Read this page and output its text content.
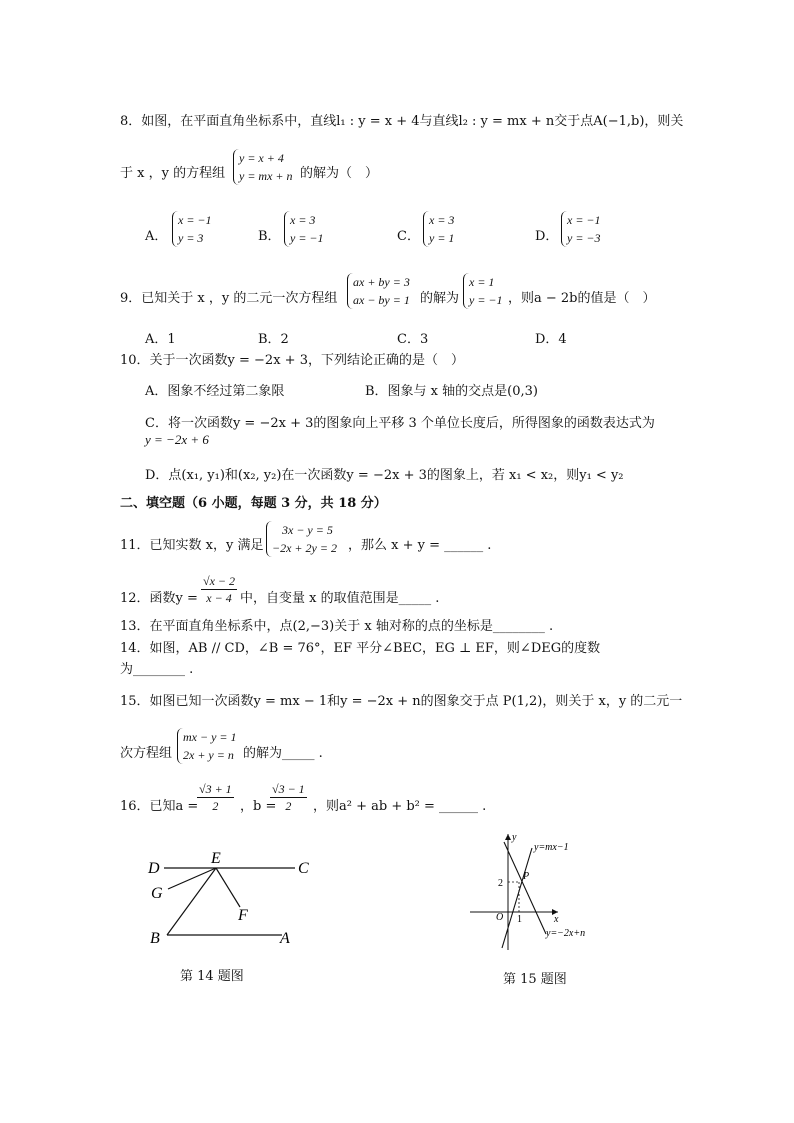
8．如图，在平面直角坐标系中，直线l₁ : y = x + 4与直线l₂ : y = mx + n交于点A(−1,b)，则关
于 x ，y 的方程组
y = x + 4
y = mx + n 的解为（　）
A．
x = −1
y = 3	B．
x = 3
y = −1	C．
x = 3
y = 1	D．
x = −1
y = −3
9．已知关于 x ，y 的二元一次方程组
ax + by = 3
ax − by = 1 的解为
x = 1
y = −1 ，则a − 2b的值是（　）
A．1	B．2	C．3	D．4
10．关于一次函数y = −2x + 3，下列结论正确的是（　）
A．图象不经过第二象限	B．图象与 x 轴的交点是(0,3)
C．将一次函数y = −2x + 3的图象向上平移 3 个单位长度后，所得图象的函数表达式为
y = −2x + 6
D．点(x₁, y₁)和(x₂, y₂)在一次函数y = −2x + 3的图象上，若 x₁ < x₂，则y₁ < y₂
二、填空题（6 小题，每题 3 分，共 18 分）
11．已知实数 x，y 满足
3x − y = 5
−2x + 2y = 2 ，那么 x + y = ______ .
12．函数$y = \frac{√x - 2}{x - 4}$ 中，自变量 x 的取值范围是_____ .
13．在平面直角坐标系中，点(2,−3)关于 x 轴对称的点的坐标是________ .
14．如图，AB // CD，∠B = 76°，EF 平分∠BEC，EG ⊥ EF，则∠DEG的度数
为________ .
15．如图已知一次函数y = mx − 1和y = −2x + n的图象交于点 P(1,2)，则关于 x，y 的二元一
次方程组
mx − y = 1
2x + y = n 的解为_____ .
16．已知a =
$\frac{√3 + 1}{2}$ ，b =
$\frac{√3 - 1}{2}$ ，则a² + ab + b² = ______ .
D
E
C
G
F
B	A
第 14 题图
y
y=mx−1
P
2
O 1	x
y=−2x+n
第 15 题图
